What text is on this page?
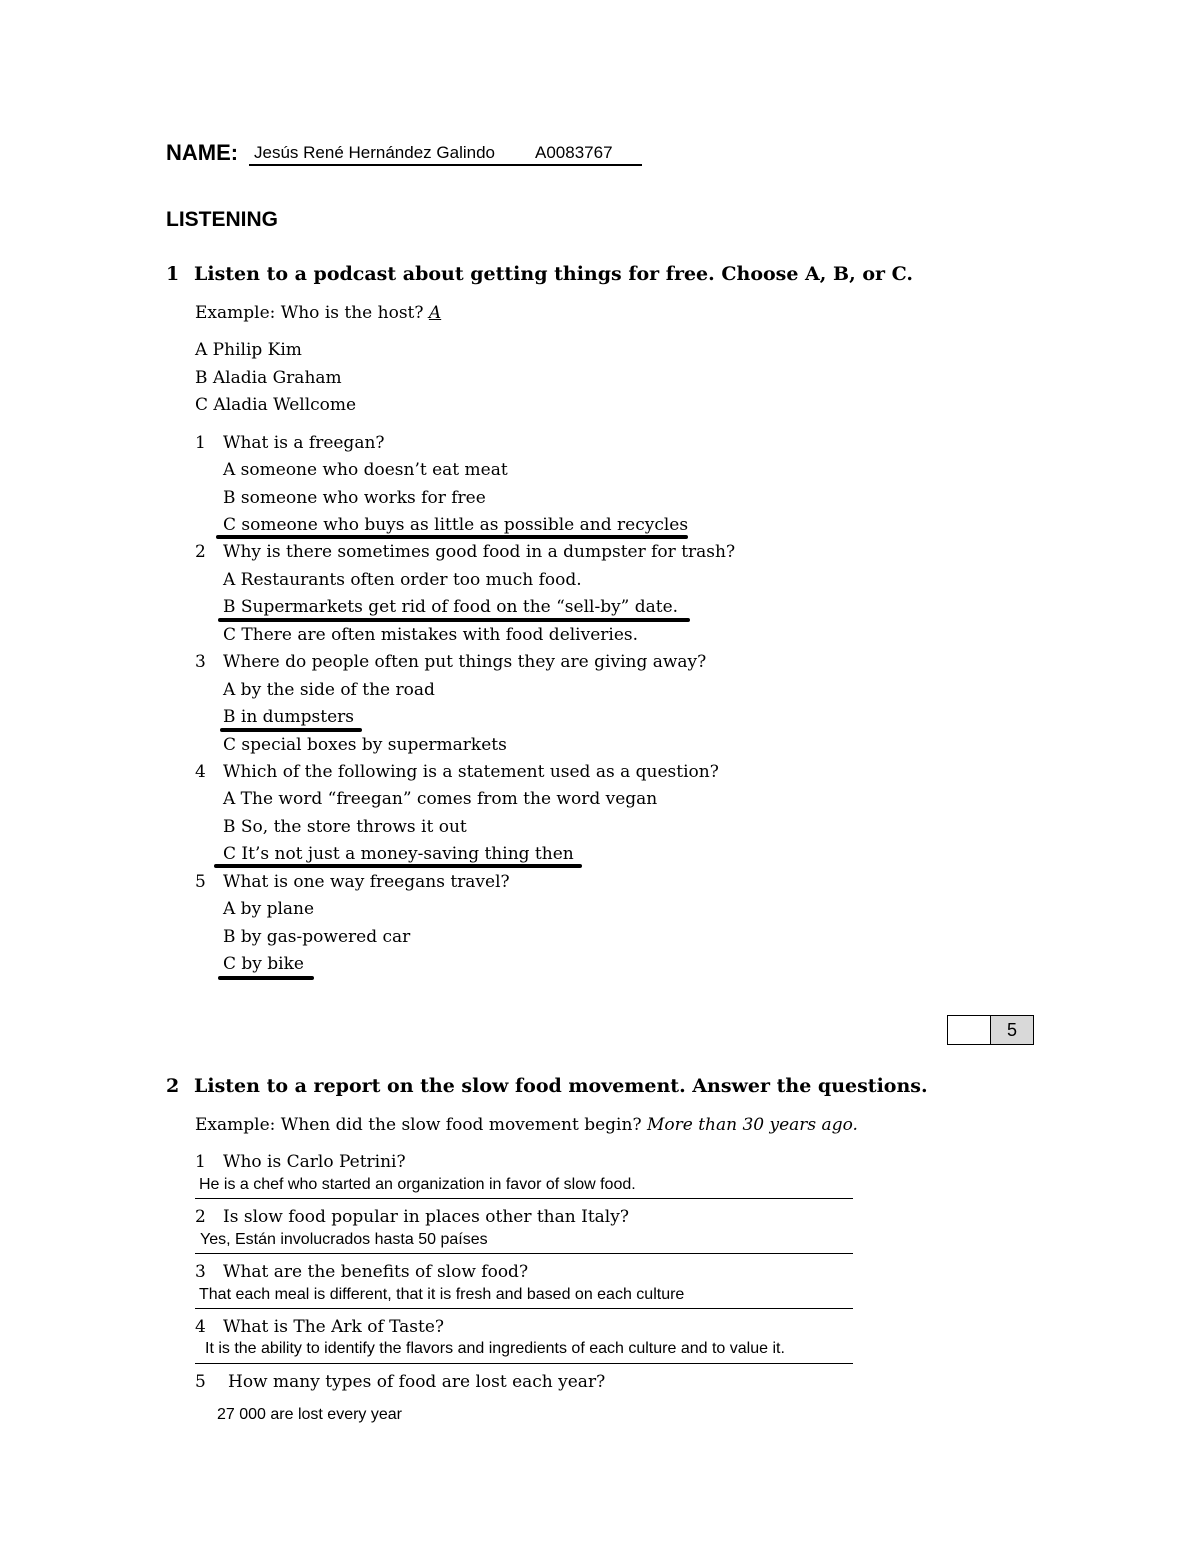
NAME: Jesús René Hernández Galindo A0083767
LISTENING
1 Listen to a podcast about getting things for free. Choose A, B, or C.
Example: Who is the host? A
A Philip Kim
B Aladia Graham
C Aladia Wellcome
1 What is a freegan?
A someone who doesn’t eat meat
B someone who works for free
C someone who buys as little as possible and recycles
2 Why is there sometimes good food in a dumpster for trash?
A Restaurants often order too much food.
B Supermarkets get rid of food on the “sell-by” date.
C There are often mistakes with food deliveries.
3 Where do people often put things they are giving away?
A by the side of the road
B in dumpsters
C special boxes by supermarkets
4 Which of the following is a statement used as a question?
A The word “freegan” comes from the word vegan
B So, the store throws it out
C It’s not just a money-saving thing then
5 What is one way freegans travel?
A by plane
B by gas-powered car
C by bike
5
2 Listen to a report on the slow food movement. Answer the questions.
Example: When did the slow food movement begin? More than 30 years ago.
1 Who is Carlo Petrini?
He is a chef who started an organization in favor of slow food.
2 Is slow food popular in places other than Italy?
Yes, Están involucrados hasta 50 países
3 What are the benefits of slow food?
That each meal is different, that it is fresh and based on each culture
4 What is The Ark of Taste?
It is the ability to identify the flavors and ingredients of each culture and to value it.
5 How many types of food are lost each year?
27 000 are lost every year
